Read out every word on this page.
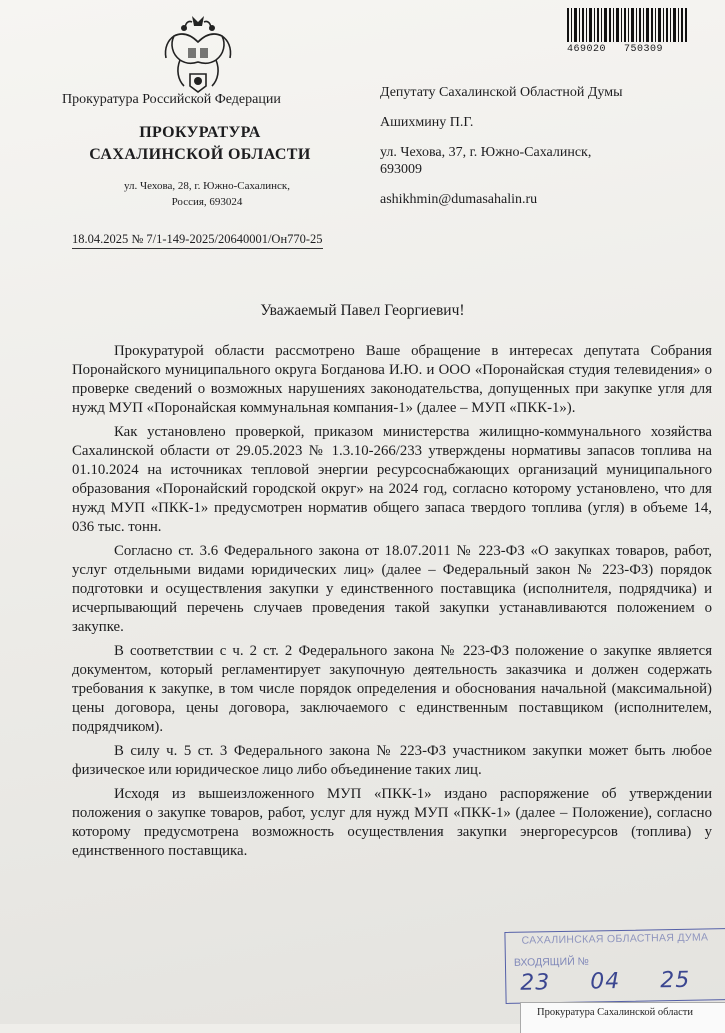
469020 750309
Прокуратура Российской Федерации
ПРОКУРАТУРА
САХАЛИНСКОЙ ОБЛАСТИ
ул. Чехова, 28, г. Южно-Сахалинск,
Россия, 693024
18.04.2025 № 7/1-149-2025/20640001/Он770-25
Депутату Сахалинской Областной Думы
Ашихмину П.Г.
ул. Чехова, 37, г. Южно-Сахалинск,
693009
ashikhmin@dumasahalin.ru
Уважаемый Павел Георгиевич!

Прокуратурой области рассмотрено Ваше обращение в интересах депутата Собрания Поронайского муниципального округа Богданова И.Ю. и ООО «Поронайская студия телевидения» о проверке сведений о возможных нарушениях законодательства, допущенных при закупке угля для нужд МУП «Поронайская коммунальная компания-1» (далее – МУП «ПКК-1»).

Как установлено проверкой, приказом министерства жилищно-коммунального хозяйства Сахалинской области от 29.05.2023 № 1.3.10-266/233 утверждены нормативы запасов топлива на 01.10.2024 на источниках тепловой энергии ресурсоснабжающих организаций муниципального образования «Поронайский городской округ» на 2024 год, согласно которому установлено, что для нужд МУП «ПКК-1» предусмотрен норматив общего запаса твердого топлива (угля) в объеме 14, 036 тыс. тонн.

Согласно ст. 3.6 Федерального закона от 18.07.2011 № 223-ФЗ «О закупках товаров, работ, услуг отдельными видами юридических лиц» (далее – Федеральный закон № 223-ФЗ) порядок подготовки и осуществления закупки у единственного поставщика (исполнителя, подрядчика) и исчерпывающий перечень случаев проведения такой закупки устанавливаются положением о закупке.

В соответствии с ч. 2 ст. 2 Федерального закона № 223-ФЗ положение о закупке является документом, который регламентирует закупочную деятельность заказчика и должен содержать требования к закупке, в том числе порядок определения и обоснования начальной (максимальной) цены договора, цены договора, заключаемого с единственным поставщиком (исполнителем, подрядчиком).

В силу ч. 5 ст. 3 Федерального закона № 223-ФЗ участником закупки может быть любое физическое или юридическое лицо либо объединение таких лиц.

Исходя из вышеизложенного МУП «ПКК-1» издано распоряжение об утверждении положения о закупке товаров, работ, услуг для нужд МУП «ПКК-1» (далее – Положение), согласно которому предусмотрена возможность осуществления закупки энергоресурсов (топлива) у единственного поставщика.

САХАЛИНСКАЯ ОБЛАСТНАЯ ДУМА
ВХОДЯЩИЙ №
23 04 25
Прокуратура Сахалинской области
